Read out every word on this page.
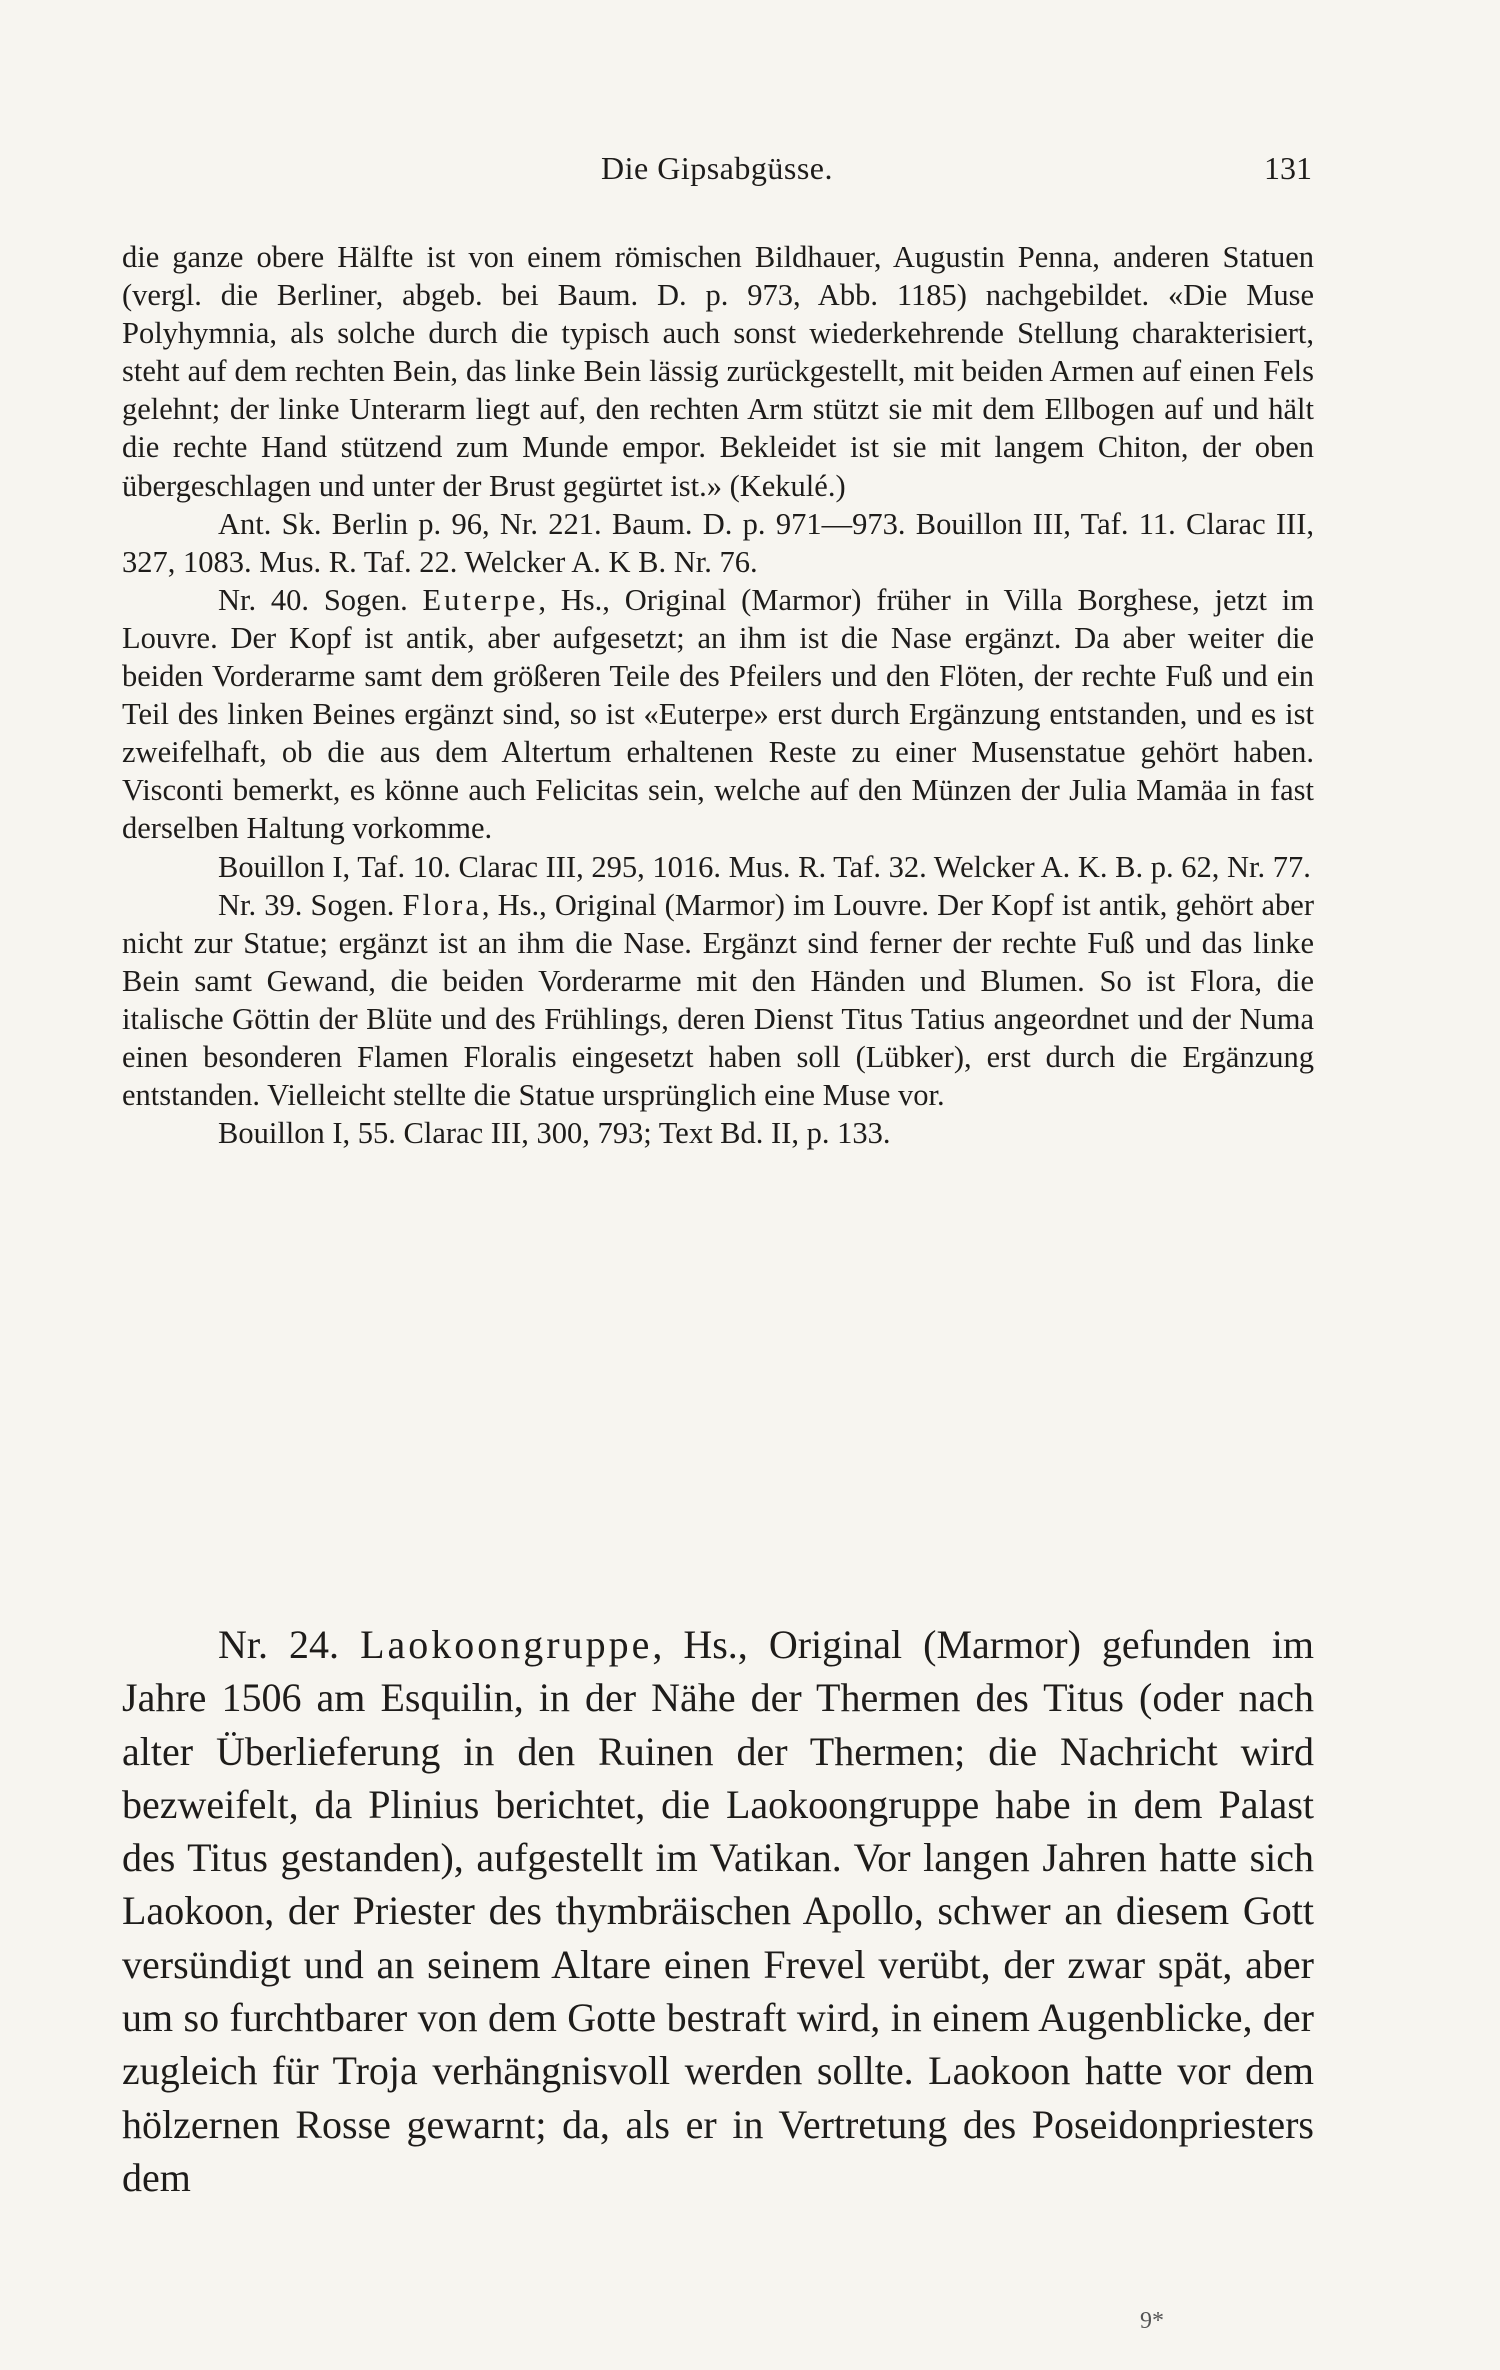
Die Gipsabgüsse.	131

die ganze obere Hälfte ist von einem römischen Bildhauer, Augustin Penna, anderen Statuen (vergl. die Berliner, abgeb. bei Baum. D. p. 973, Abb. 1185) nachgebildet. «Die Muse Polyhymnia, als solche durch die typisch auch sonst wiederkehrende Stellung charakterisiert, steht auf dem rechten Bein, das linke Bein lässig zurückgestellt, mit beiden Armen auf einen Fels gelehnt; der linke Unterarm liegt auf, den rechten Arm stützt sie mit dem Ellbogen auf und hält die rechte Hand stützend zum Munde empor. Bekleidet ist sie mit langem Chiton, der oben übergeschlagen und unter der Brust gegürtet ist.» (Kekulé.)

Ant. Sk. Berlin p. 96, Nr. 221. Baum. D. p. 971—973. Bouillon III, Taf. 11. Clarac III, 327, 1083. Mus. R. Taf. 22. Welcker A. K B. Nr. 76.

Nr. 40. Sogen. Euterpe, Hs., Original (Marmor) früher in Villa Borghese, jetzt im Louvre. Der Kopf ist antik, aber aufgesetzt; an ihm ist die Nase ergänzt. Da aber weiter die beiden Vorderarme samt dem größeren Teile des Pfeilers und den Flöten, der rechte Fuß und ein Teil des linken Beines ergänzt sind, so ist «Euterpe» erst durch Ergänzung entstanden, und es ist zweifelhaft, ob die aus dem Altertum erhaltenen Reste zu einer Musenstatue gehört haben. Visconti bemerkt, es könne auch Felicitas sein, welche auf den Münzen der Julia Mamäa in fast derselben Haltung vorkomme.

Bouillon I, Taf. 10. Clarac III, 295, 1016. Mus. R. Taf. 32. Welcker A. K. B. p. 62, Nr. 77.

Nr. 39. Sogen. Flora, Hs., Original (Marmor) im Louvre. Der Kopf ist antik, gehört aber nicht zur Statue; ergänzt ist an ihm die Nase. Ergänzt sind ferner der rechte Fuß und das linke Bein samt Gewand, die beiden Vorderarme mit den Händen und Blumen. So ist Flora, die italische Göttin der Blüte und des Frühlings, deren Dienst Titus Tatius angeordnet und der Numa einen besonderen Flamen Floralis eingesetzt haben soll (Lübker), erst durch die Ergänzung entstanden. Vielleicht stellte die Statue ursprünglich eine Muse vor.

Bouillon I, 55. Clarac III, 300, 793; Text Bd. II, p. 133.

Nr. 24. Laokoongruppe, Hs., Original (Marmor) gefunden im Jahre 1506 am Esquilin, in der Nähe der Thermen des Titus (oder nach alter Überlieferung in den Ruinen der Thermen; die Nachricht wird bezweifelt, da Plinius berichtet, die Laokoongruppe habe in dem Palast des Titus gestanden), aufgestellt im Vatikan. Vor langen Jahren hatte sich Laokoon, der Priester des thymbräischen Apollo, schwer an diesem Gott versündigt und an seinem Altare einen Frevel verübt, der zwar spät, aber um so furchtbarer von dem Gotte bestraft wird, in einem Augenblicke, der zugleich für Troja verhängnisvoll werden sollte. Laokoon hatte vor dem hölzernen Rosse gewarnt; da, als er in Vertretung des Poseidonpriesters dem

9*
